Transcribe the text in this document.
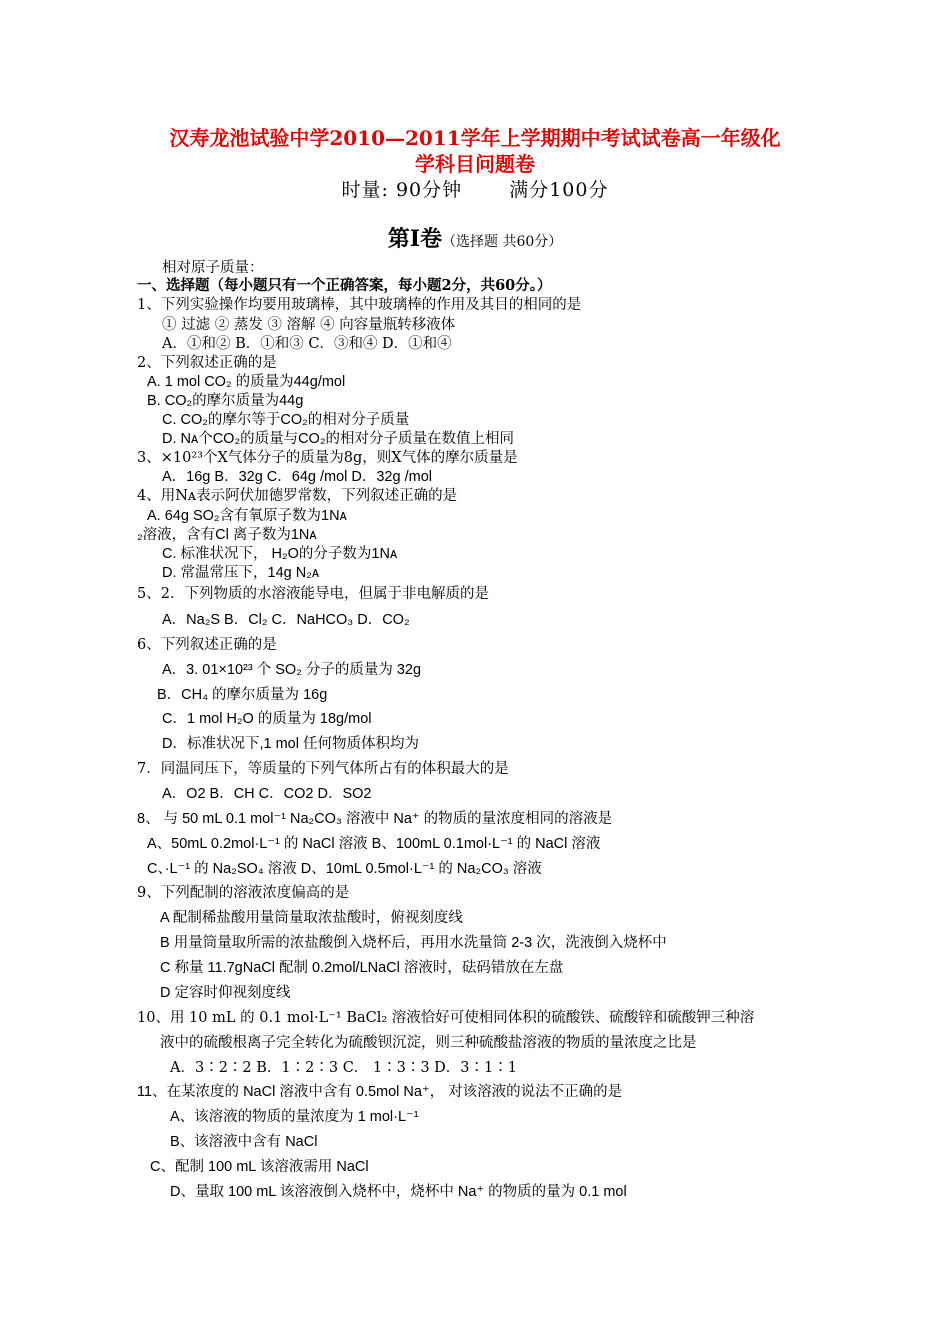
汉寿龙池试验中学2010—2011学年上学期期中考试试卷高一年级化
学科目问题卷
时量: 90分钟　　 满分100分
第Ⅰ卷（选择题 共60分）
相对原子质量：
一、选择题（每小题只有一个正确答案，每小题2分，共60分。）
1、下列实验操作均要用玻璃棒，其中玻璃棒的作用及其目的相同的是
① 过滤 ② 蒸发 ③ 溶解 ④ 向容量瓶转移液体
A．①和② B．①和③ C．③和④ D．①和④
2、下列叙述正确的是
A. 1 mol CO₂ 的质量为44g/mol
B. CO₂的摩尔质量为44g
C. CO₂的摩尔等于CO₂的相对分子质量
D. Nᴀ个CO₂的质量与CO₂的相对分子质量在数值上相同
3、×10²³个X气体分子的质量为8g，则X气体的摩尔质量是
A．16g B．32g C．64g /mol D．32g /mol
4、用Nᴀ表示阿伏加德罗常数，下列叙述正确的是
A. 64g SO₂含有氧原子数为1Nᴀ
₂溶液，含有Cl 离子数为1Nᴀ
C. 标准状况下， H₂O的分子数为1Nᴀ
D. 常温常压下，14g N₂ᴀ
5、2．下列物质的水溶液能导电，但属于非电解质的是
A．Na₂S B．Cl₂ C．NaHCO₃ D．CO₂
6、下列叙述正确的是
A．3. 01×10²³ 个 SO₂ 分子的质量为 32g
B．CH₄ 的摩尔质量为 16g
C．1 mol H₂O 的质量为 18g/mol
D．标准状况下,1 mol 任何物质体积均为
7．同温同压下，等质量的下列气体所占有的体积最大的是
A．O2 B．CH C．CO2 D．SO2
8、 与 50 mL 0.1 mol⁻¹ Na₂CO₃ 溶液中 Na⁺ 的物质的量浓度相同的溶液是
A、50mL 0.2mol·L⁻¹ 的 NaCl 溶液 B、100mL 0.1mol·L⁻¹ 的 NaCl 溶液
C、·L⁻¹ 的 Na₂SO₄ 溶液 D、10mL 0.5mol·L⁻¹ 的 Na₂CO₃ 溶液
9、下列配制的溶液浓度偏高的是
A 配制稀盐酸用量筒量取浓盐酸时，俯视刻度线
B 用量筒量取所需的浓盐酸倒入烧杯后，再用水洗量筒 2-3 次，洗液倒入烧杯中
C 称量 11.7gNaCl 配制 0.2mol/LNaCl 溶液时，砝码错放在左盘
D 定容时仰视刻度线
10、用 10 mL 的 0.1 mol·L⁻¹ BaCl₂ 溶液恰好可使相同体积的硫酸铁、硫酸锌和硫酸钾三种溶
液中的硫酸根离子完全转化为硫酸钡沉淀，则三种硫酸盐溶液的物质的量浓度之比是
A．3∶2∶2 B．1∶2∶3 C． 1∶3∶3 D．3∶1∶1
11、在某浓度的 NaCl 溶液中含有 0.5mol Na⁺， 对该溶液的说法不正确的是
A、该溶液的物质的量浓度为 1 mol·L⁻¹
B、该溶液中含有 NaCl
C、配制 100 mL 该溶液需用 NaCl
D、量取 100 mL 该溶液倒入烧杯中，烧杯中 Na⁺ 的物质的量为 0.1 mol
